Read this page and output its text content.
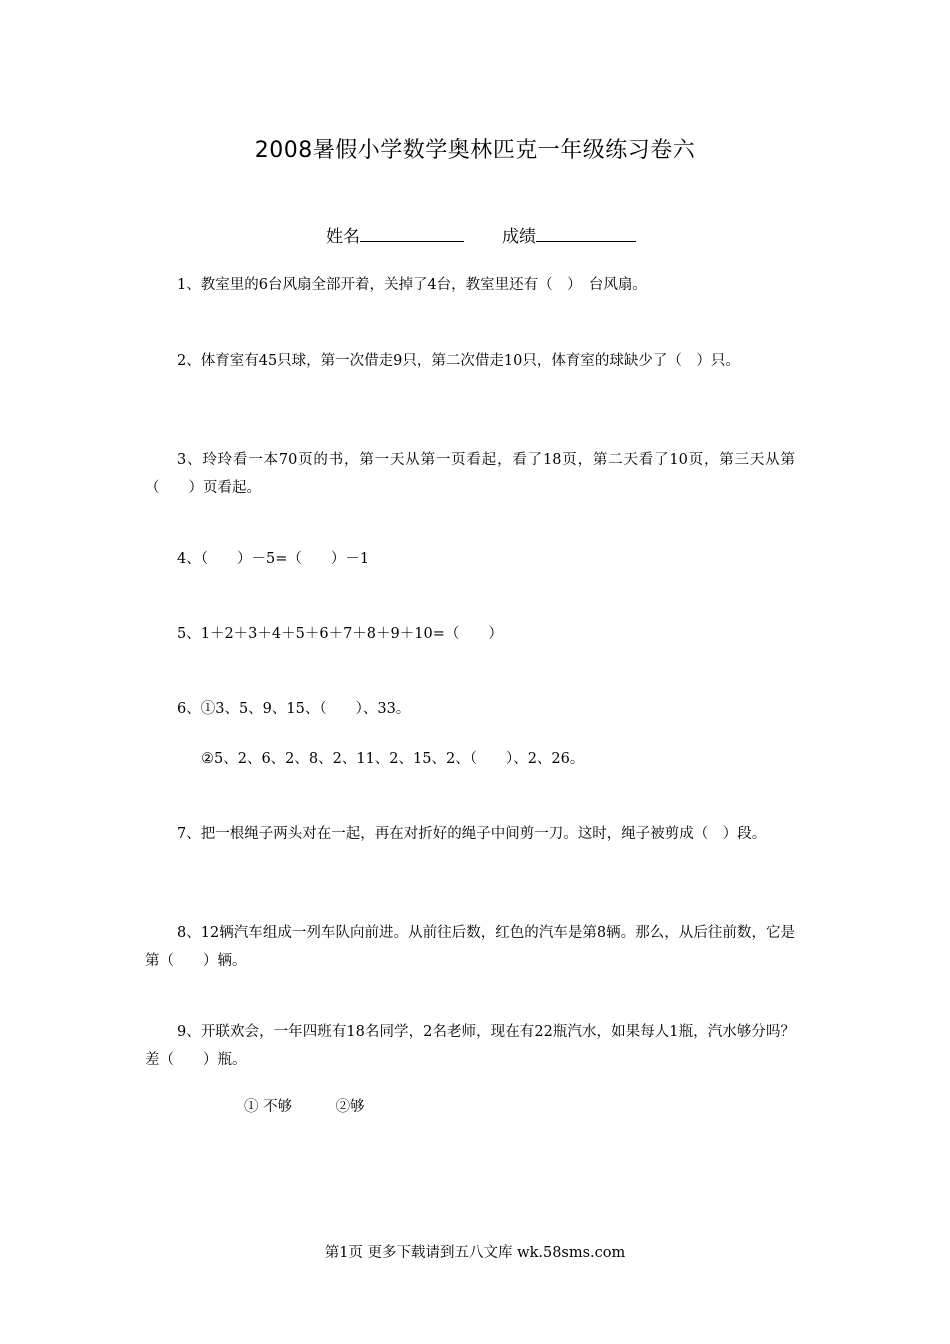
2008暑假小学数学奥林匹克一年级练习卷六
姓名	成绩
1、教室里的6台风扇全部开着，关掉了4台，教室里还有（　）　台风扇。
2、体育室有45只球，第一次借走9只，第二次借走10只，体育室的球缺少了（　）只。
3、玲玲看一本70页的书，第一天从第一页看起，看了18页，第二天看了10页，第三天从第（　　）页看起。
4、（　　）－5=（　　）－1
5、1＋2＋3＋4＋5＋6＋7＋8＋9＋10=（　　）
6、①3、5、9、15、（　　）、33。
②5、2、6、2、8、2、11、2、15、2、（　　）、2、26。
7、把一根绳子两头对在一起，再在对折好的绳子中间剪一刀。这时，绳子被剪成（　）段。
8、12辆汽车组成一列车队向前进。从前往后数，红色的汽车是第8辆。那么，从后往前数，它是第（　　）辆。
9、开联欢会，一年四班有18名同学，2名老师，现在有22瓶汽水，如果每人1瓶，汽水够分吗？差（　　）瓶。
① 不够　　　②够
第1页 更多下载请到五八文库 wk.58sms.com
